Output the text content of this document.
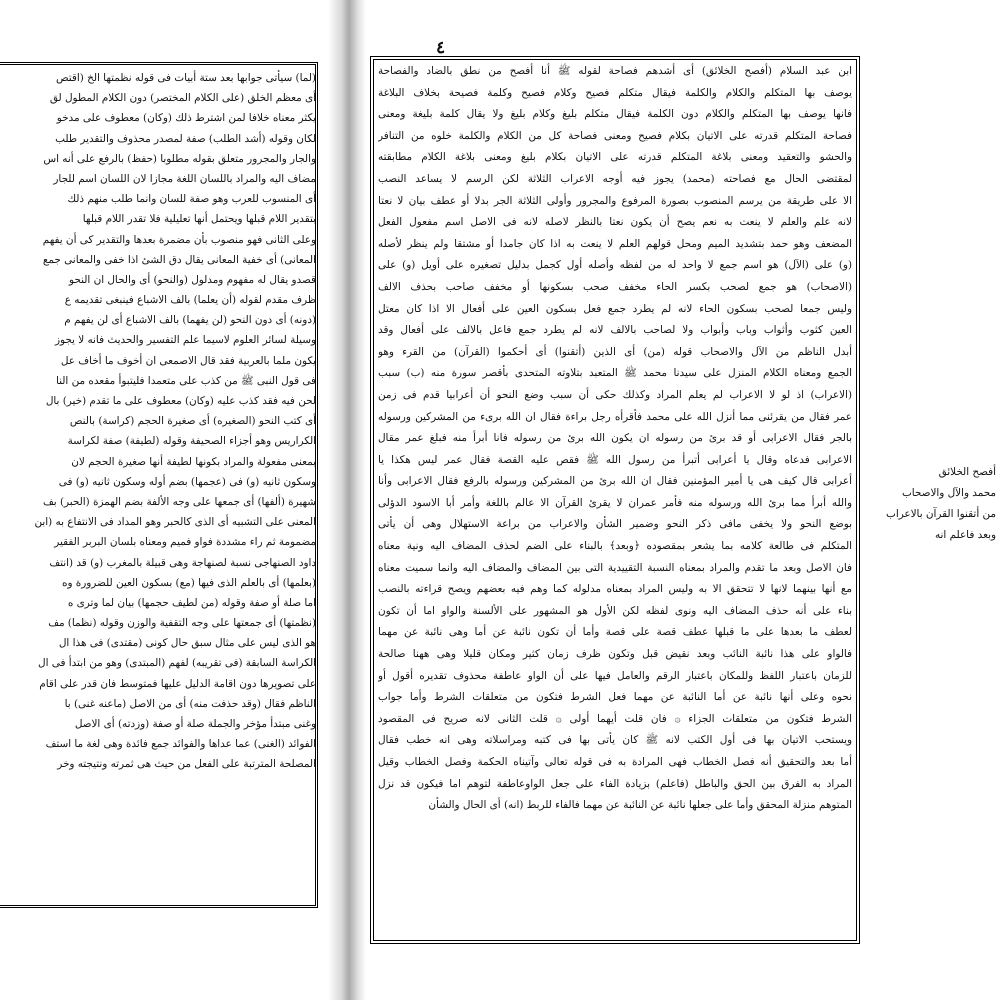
(لما) سيأتى جوابها بعد ستة أبيات فى قوله نظمتها الخ (اقتص
أى معظم الخلق (على الكلام المختصر) دون الكلام المطول لق
يكثر معناه خلافا لمن اشترط ذلك (وكان) معطوف على مدخو
لكان وقوله (أشد الطلب) صفة لمصدر محذوف والتقدير طلب
والجار والمجرور متعلق بقوله مطلوبا (حفظ) بالرفع على أنه اس
مضاف اليه والمراد باللسان اللغة مجازا لان اللسان اسم للجار
أى المنسوب للعرب وهو صفة للسان وانما طلب منهم ذلك
بتقدير اللام قبلها ويحتمل أنها تعليلية فلا تقدر اللام قبلها
وعلى الثانى فهو منصوب بأن مضمرة بعدها والتقدير كى أن يفهم
المعانى) أى خفية المعانى يقال دق الشئ اذا خفى والمعانى جمع
قصدو يقال له مفهوم ومدلول (والنحو) أى والحال ان النحو
ظرف مقدم لقوله (أن يعلما) بالف الاشباع فينبغى تقديمه ع
(دونه) أى دون النحو (لن يفهما) بالف الاشباع أى لن يفهم م
وسيلة لسائر العلوم لاسيما علم التفسير والحديث فانه لا يجوز
يكون ملما بالعربية فقد قال الاصمعى ان أخوف ما أخاف عل
فى قول النبى ﷺ من كذب على متعمدا فليتبوأ مقعده من النا
لحن فيه فقد كذب عليه (وكان) معطوف على ما تقدم (خير) بال
أى كتب النحو (الصغيره) أى صغيرة الحجم (كراسة) بالنص
الكراريس وهو أجزاء الصحيفة وقوله (لطيفة) صفة لكراسة
بمعنى مفعولة والمراد بكونها لطيفة أنها صغيرة الحجم لان
وسكون ثانيه (و) فى (عجمها) بضم أوله وسكون ثانيه (و) فى
شهيرة (ألفها) أى جمعها على وجه الألفة بضم الهمزة (الحبر) بف
المعنى على التشبيه أى الذى كالحبر وهو المداد فى الانتفاع به (ابن
مضمومة ثم راء مشددة فواو فميم ومعناه بلسان البربر الفقير
داود الصنهاجى نسبة لصنهاجة وهى قبيلة بالمغرب (و) قد (انتف
(بعلمها) أى بالعلم الذى فيها (مع) بسكون العين للضرورة وه
اما صلة أو صفة وقوله (من لطيف حجمها) بيان لما وترى ه
(نظمتها) أى جمعتها على وجه التقفية والوزن وقوله (نظما) مف
هو الذى ليس على مثال سبق حال كونى (مقتدى) فى هذا ال
الكراسة السابقة (فى تقريبه) لفهم (المبتدى) وهو من ابتدأ فى ال
على تصويرها دون اقامة الدليل عليها فمتوسط فان قدر على اقام
الناظم فقال (وقد حذفت منه) أى من الاصل (ماعنه غنى) با
وغنى مبتدأ مؤخر والجملة صلة أو صفة (وزدته) أى الاصل
الفوائد (الغنى) عما عداها والفوائد جمع فائدة وهى لغة ما استف
المصلحة المترتبة على الفعل من حيث هى ثمرته ونتيجته وخر
٤
ابن عبد السلام (أفصح الخلائق) أى أشدهم فصاحة لقوله ﷺ أنا أفصح من نطق بالضاد والفصاحة
يوصف بها المتكلم والكلام والكلمة فيقال متكلم فصيح وكلام فصيح وكلمة فصيحة بخلاف البلاغة
فانها يوصف بها المتكلم والكلام دون الكلمة فيقال متكلم بليغ وكلام بليغ ولا يقال كلمة بليغة ومعنى
فصاحة المتكلم قدرته على الاتيان بكلام فصيح ومعنى فصاحة كل من الكلام والكلمة خلوه من التنافر
والحشو والتعقيد ومعنى بلاغة المتكلم قدرته على الاتيان بكلام بليغ ومعنى بلاغة الكلام مطابقته
لمقتضى الحال مع فصاحته (محمد) يجوز فيه أوجه الاعراب الثلاثة لكن الرسم لا يساعد النصب
الا على طريقة من يرسم المنصوب بصورة المرفوع والمجرور وأولى الثلاثة الجر بدلا أو عطف بيان لا نعتا
لانه علم والعلم لا ينعت به نعم يصح أن يكون نعتا بالنظر لاصله لانه فى الاصل اسم مفعول الفعل
المضعف وهو حمد بتشديد الميم ومحل قولهم العلم لا ينعت به اذا كان جامدا أو مشتقا ولم ينظر لأصله
(و) على (الآل) هو اسم جمع لا واحد له من لفظه وأصله أول كجمل بدليل تصغيره على أويل (و) على
(الاصحاب) هو جمع لصحب بكسر الحاء مخفف صحب بسكونها أو مخفف صاحب بحذف الالف
وليس جمعا لصحب بسكون الحاء لانه لم يطرد جمع فعل بسكون العين على أفعال الا اذا كان معتل
العين كثوب وأثواب وباب وأبواب ولا لصاحب بالالف لانه لم يطرد جمع فاعل بالالف على أفعال وقد
أبدل الناظم من الآل والاصحاب قوله (من) أى الذين (أتقنوا) أى أحكموا (القرآن) من القرء وهو
الجمع ومعناه الكلام المنزل على سيدنا محمد ﷺ المتعبد بتلاوته المتحدى بأقصر سورة منه (ب) سبب
(الاعراب) اذ لو لا الاعراب لم يعلم المراد وكذلك حكى أن سبب وضع النحو أن أعرابيا قدم فى زمن
عمر فقال من يقرئنى مما أنزل الله على محمد فأقرأه رجل براءة فقال ان الله برىء من المشركين ورسوله
بالجر فقال الاعرابى أو قد برئ من رسوله ان يكون الله برئ من رسوله فانا أبرأ منه فبلغ عمر مقال
الاعرابى فدعاه وقال يا أعرابى أتبرأ من رسول الله ﷺ فقص عليه القصة فقال عمر ليس هكذا يا
أعرابى قال كيف هى يا أمير المؤمنين فقال ان الله برئ من المشركين ورسوله بالرفع فقال الاعرابى وأنا
والله أبرأ مما برئ الله ورسوله منه فأمر عمران لا يقرئ القرآن الا عالم باللغة وأمر أبا الاسود الدؤلى
بوضع النحو ولا يخفى مافى ذكر النحو وضمير الشأن والاعراب من براعة الاستهلال وهى أن يأتى
المتكلم فى طالعة كلامه بما يشعر بمقصوده ﴿وبعد﴾ بالبناء على الضم لحذف المضاف اليه ونية معناه
فان الاصل وبعد ما تقدم والمراد بمعناه النسبة التقييدية التى بين المضاف والمضاف اليه وانما سميت معناه
مع أنها بينهما لانها لا تتحقق الا به وليس المراد بمعناه مدلوله كما وهم فيه بعضهم ويصح قراءته بالنصب
بناء على أنه حذف المضاف اليه ونوى لفظه لكن الأول هو المشهور على الألسنة والواو اما أن تكون
لعطف ما بعدها على ما قبلها عطف قصة على قصة وأما أن تكون نائبة عن أما وهى نائبة عن مهما
فالواو على هذا نائبة النائب وبعد نقيض قبل وتكون ظرف زمان كثير ومكان قليلا وهى ههنا صالحة
للزمان باعتبار اللفظ وللمكان باعتبار الرقم والعامل فيها على أن الواو عاطفة محذوف تقديره أقول أو
نحوه وعلى أنها نائبة عن أما النائبة عن مهما فعل الشرط فتكون من متعلقات الشرط وأما جواب
الشرط فتكون من متعلقات الجزاء ۞ فان قلت أيهما أولى ۞ قلت الثانى لانه صريح فى المقصود
ويستحب الاتيان بها فى أول الكتب لانه ﷺ كان يأتى بها فى كتبه ومراسلاته وهى انه خطب فقال
أما بعد والتحقيق أنه فصل الخطاب فهى المرادة به فى قوله تعالى وآتيناه الحكمة وفصل الخطاب وقيل
المراد به الفرق بين الحق والباطل (فاعلم) بزيادة الفاء على جعل الواوعاطفة لتوهم اما فيكون قد نزل
المتوهم منزلة المحقق وأما على جعلها نائبة عن النائبة عن مهما فالفاء للربط (انه) أى الحال والشأن
أفصح الخلائق
محمد والآل والاصحاب
من أتقنوا القرآن بالاعراب
وبعد فاعلم انه
